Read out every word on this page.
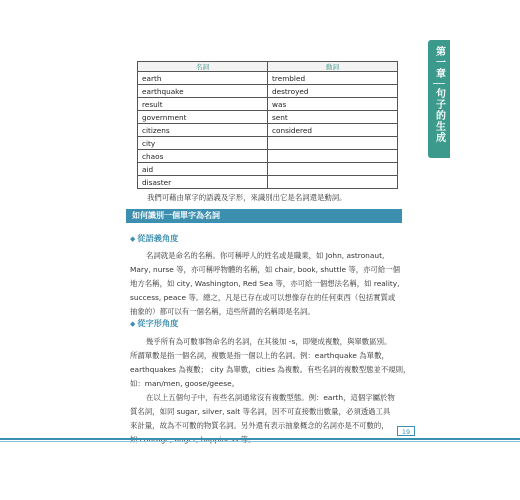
第一章
句子的生成
名詞	動詞
earth	trembled
earthquake	destroyed
result	was
government	sent
citizens	considered
city	
chaos	
aid	
disaster	
我們可藉由單字的語義及字形，來識別出它是名詞還是動詞。
如何識別一個單字為名詞
◆ 從語義角度
名詞就是命名的名稱。你可稱呼人的姓名或是職業，如 John, astronaut,
Mary, nurse 等，亦可稱呼物體的名稱，如 chair, book, shuttle 等，亦可給一個
地方名稱，如 city, Washington, Red Sea 等，亦可給一個想法名稱，如 reality,
success, peace 等。總之，凡是已存在或可以想像存在的任何東西（包括實質或
抽象的）都可以有一個名稱，這些所謂的名稱即是名詞。
◆ 從字形角度
幾乎所有為可數事物命名的名詞，在其後加 -s，即變成複數，與單數區別。
所謂單數是指一個名詞，複數是指一個以上的名詞。例：earthquake 為單數，
earthquakes 為複數； city 為單數，cities 為複數。有些名詞的複數型態並不規則，
如：man/men, goose/geese。
在以上五個句子中，有些名詞通常沒有複數型態。例：earth，這個字屬於物
質名詞，如同 sugar, silver, salt 等名詞，因不可直接數出數量，必須透過工具
來計量，故為不可數的物質名詞。另外還有表示抽象概念的名詞亦是不可數的，
19
